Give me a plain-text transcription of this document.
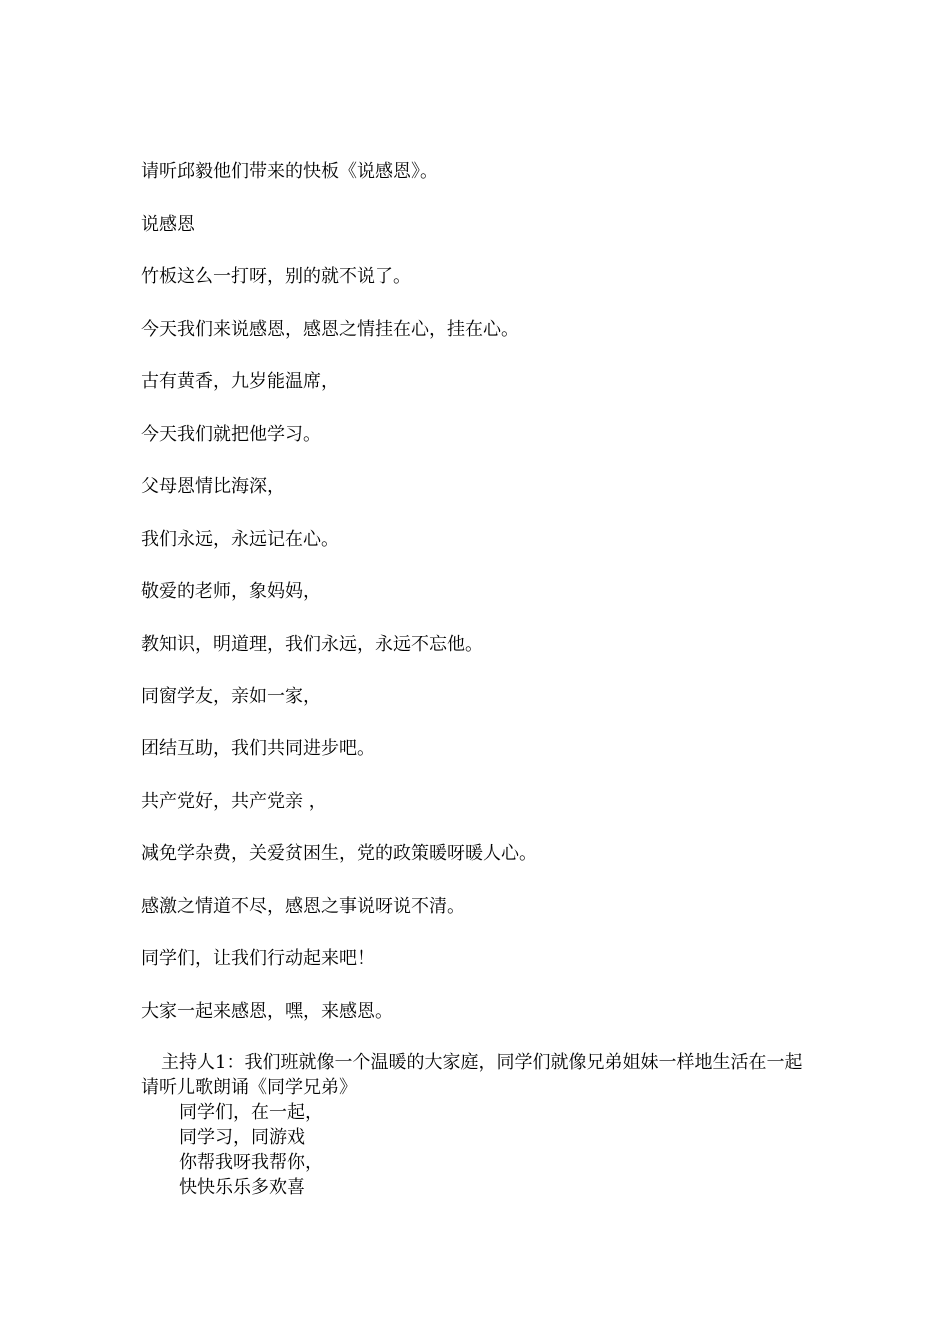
请听邱毅他们带来的快板《说感恩》。
说感恩
竹板这么一打呀，别的就不说了。
今天我们来说感恩，感恩之情挂在心，挂在心。
古有黄香，九岁能温席，
今天我们就把他学习。
父母恩情比海深，
我们永远，永远记在心。
敬爱的老师，象妈妈，
教知识，明道理，我们永远，永远不忘他。
同窗学友，亲如一家，
团结互助，我们共同进步吧。
共产党好，共产党亲 ，
减免学杂费，关爱贫困生，党的政策暖呀暖人心。
感激之情道不尽，感恩之事说呀说不清。
同学们，让我们行动起来吧！
大家一起来感恩，嘿，来感恩。
主持人1：我们班就像一个温暖的大家庭，同学们就像兄弟姐妹一样地生活在一起
请听儿歌朗诵《同学兄弟》
同学们，在一起，
同学习，同游戏
你帮我呀我帮你，
快快乐乐多欢喜
